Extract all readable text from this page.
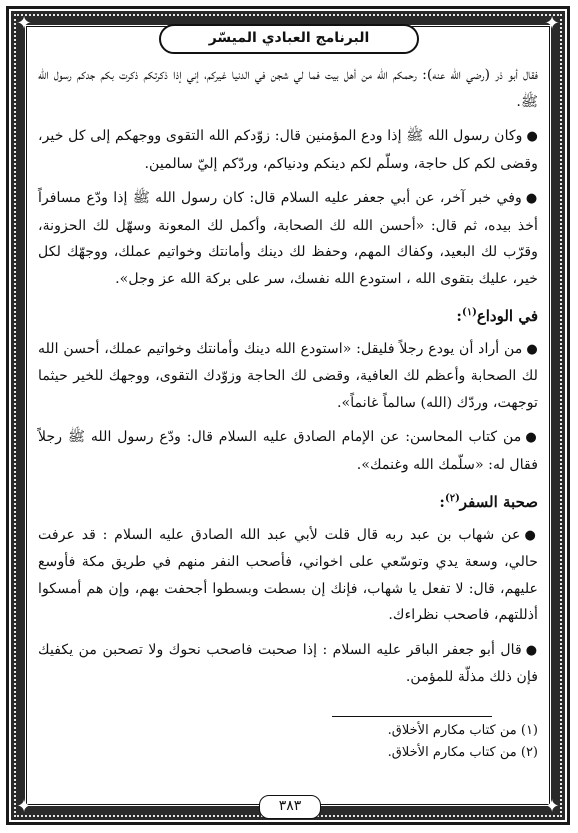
✦	✦
✦	✦
البرنامج العبادي الميسّر

فقال أبو ذر (رضي الله عنه): رحمكم الله من أهل بيت فما لي شجن في الدنيا غيركم، إني إذا ذكرتكم ذكرت بكم جدكم رسول الله ﷺ.

●وكان رسول الله ﷺ إذا ودع المؤمنين قال: زوّدكم الله التقوى ووجهكم إلى كل خير، وقضى لكم كل حاجة، وسلّم لكم دينكم ودنياكم، وردّكم إليّ سالمين.

●وفي خبر آخر، عن أبي جعفر عليه السلام قال: كان رسول الله ﷺ إذا ودّع مسافراً أخذ بيده، ثم قال: «أحسن الله لك الصحابة، وأكمل لك المعونة وسهّل لك الحزونة، وقرّب لك البعيد، وكفاك المهم، وحفظ لك دينك وأمانتك وخواتيم عملك، ووجهّك لكل خير، عليك بتقوى الله ، استودع الله نفسك، سر على بركة الله عز وجل».

في الوداع$^{(١)}$:

●من أراد أن يودع رجلاً فليقل: «استودع الله دينك وأمانتك وخواتيم عملك، أحسن الله لك الصحابة وأعظم لك العافية، وقضى لك الحاجة وزوّدك التقوى، ووجهك للخير حيثما توجهت، وردّك (الله) سالماً غانماً».

●من كتاب المحاسن: عن الإمام الصادق عليه السلام قال: ودّع رسول الله ﷺ رجلاً فقال له: «سلّمك الله وغنمك».

صحبة السفر$^{(٢)}$:

●عن شهاب بن عبد ربه قال قلت لأبي عبد الله الصادق عليه السلام : قد عرفت حالي، وسعة يدي وتوسّعي على اخواني، فأصحب النفر منهم في طريق مكة فأوسع عليهم، قال: لا تفعل يا شهاب، فإنك إن بسطت وبسطوا أجحفت بهم، وإن هم أمسكوا أذللتهم، فاصحب نظراءك.

●قال أبو جعفر الباقر عليه السلام : إذا صحبت فاصحب نحوك ولا تصحبن من يكفيك فإن ذلك مذلّة للمؤمن.

(١) من كتاب مكارم الأخلاق.
(٢) من كتاب مكارم الأخلاق.
٣٨٣
